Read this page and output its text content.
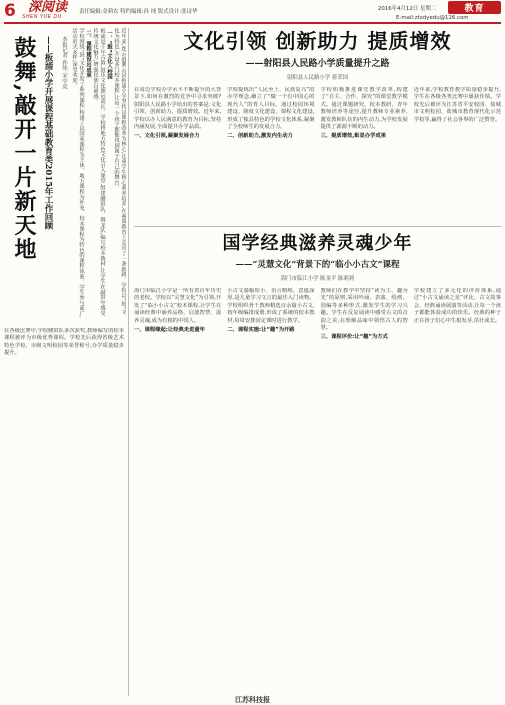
6 深阅读
SHEN YUE DU
责任编辑:金莉农 特约编辑:孙 纯 版式设计:张诗华	2016年4月12日 星期二	教育
E-mail:ztxdyedu@126.com
鼓舞,敲开一片新天地 ——板浦小学开展课程基础教育类2015年工作回顾	本报记者 孙纯 宋中虎	近年来,连云港灌云县板浦小学坚持以课程改革为核心,注重学生核心素养培养,在素质教育上走出了一条新路。学校以“鼓”文化为特色,开设多门校本课程,让每一个孩子都能找到属于自己的舞台。
一、“鼓”文化入校园
板浦是千年古镇,鼓乐文化源远流长。学校将地方特色文化引入课堂,组建腰鼓队、舞龙队,编写校本教材,让学生在敲鼓中感受传统文化魅力,增强民族自豪感。
二、课程建设出成果
学校围绕“鼓”文化开发了系列课程,构建了以国家课程为主体、地方课程为补充、校本课程为特色的课程体系。学生参与面广,活动形式多样,深受欢迎。
在各级比赛中,学校腰鼓队多次获奖,教师编写的校本课程被评为市级优秀课程。学校先后获得省级艺术特色学校、市级文明校园等荣誉称号,办学质量稳步提升。
文化引领 创新助力 提质增效
——射阳县人民路小学质量提升之路
射阳县人民路小学 蒋荣国
在周边学校办学水平不断提升的大背景下,如何在激烈的竞争中寻求突破?射阳县人民路小学给出的答案是:文化引领、创新助力、提质增效。近年来,学校以办人民满意的教育为目标,坚持内涵发展,全面提升办学品质。
一、文化引领,凝聚发展合力
学校提炼出“人民至上、民族复兴”的办学理念,确立了“做一个有中国心的现代人”的育人目标。通过校园环境建设、制度文化建设、课程文化建设,形成了独具特色的学校文化体系,凝聚了全校师生的发展合力。
二、创新助力,激发内生动力
学校积极推进课堂教学改革,构建了“自主、合作、探究”的课堂教学模式。通过课题研究、校本教研、青年教师培养等途径,提升教师专业素养,激发教师队伍的内生动力,为学校发展提供了源源不断的动力。
三、提质增效,彰显办学成果
近年来,学校教育教学质量稳步提升,学生在各级各类比赛中屡获佳绩。学校先后被评为江苏省平安校园、盐城市文明校园、盐城市教育现代化示范学校等,赢得了社会各界的广泛赞誉。
国学经典滋养灵魂少年
——“灵慧文化”背景下的“临小小古文”课程
海门市临江小学 陈金平 陈莉莉
海门市临江小学是一所有着百年历史的老校。学校以“灵慧文化”为引领,开发了“临小小古文”校本课程,让学生在诵读经典中涵养品格、启迪智慧、滋养灵魂,成为有根的中国人。
一、课程缘起:让经典走进童年
小古文篇幅短小、语言精练、意蕴深厚,是儿童学习文言的最佳入门读物。学校组织骨干教师精选百余篇小古文,按年级编排成册,形成了系统的校本教材,每周安排固定课时进行教学。
二、课程实施:让“趣”为开路
教师们在教学中坚持“读为主、趣为先”的原则,采用吟诵、表演、绘画、创编等多种形式,激发学生的学习兴趣。学生在反复诵读中感受古文的音韵之美,在理解品味中领悟古人的智慧。
三、课程评价:让“趣”为方式
学校建立了多元化的评价体系,通过“小古文诵读之星”评比、古文故事会、经典诵读展演等活动,让每一个孩子都能体验成功的快乐。经典的种子正在孩子们心中生根发芽,茁壮成长。
江苏科技报
